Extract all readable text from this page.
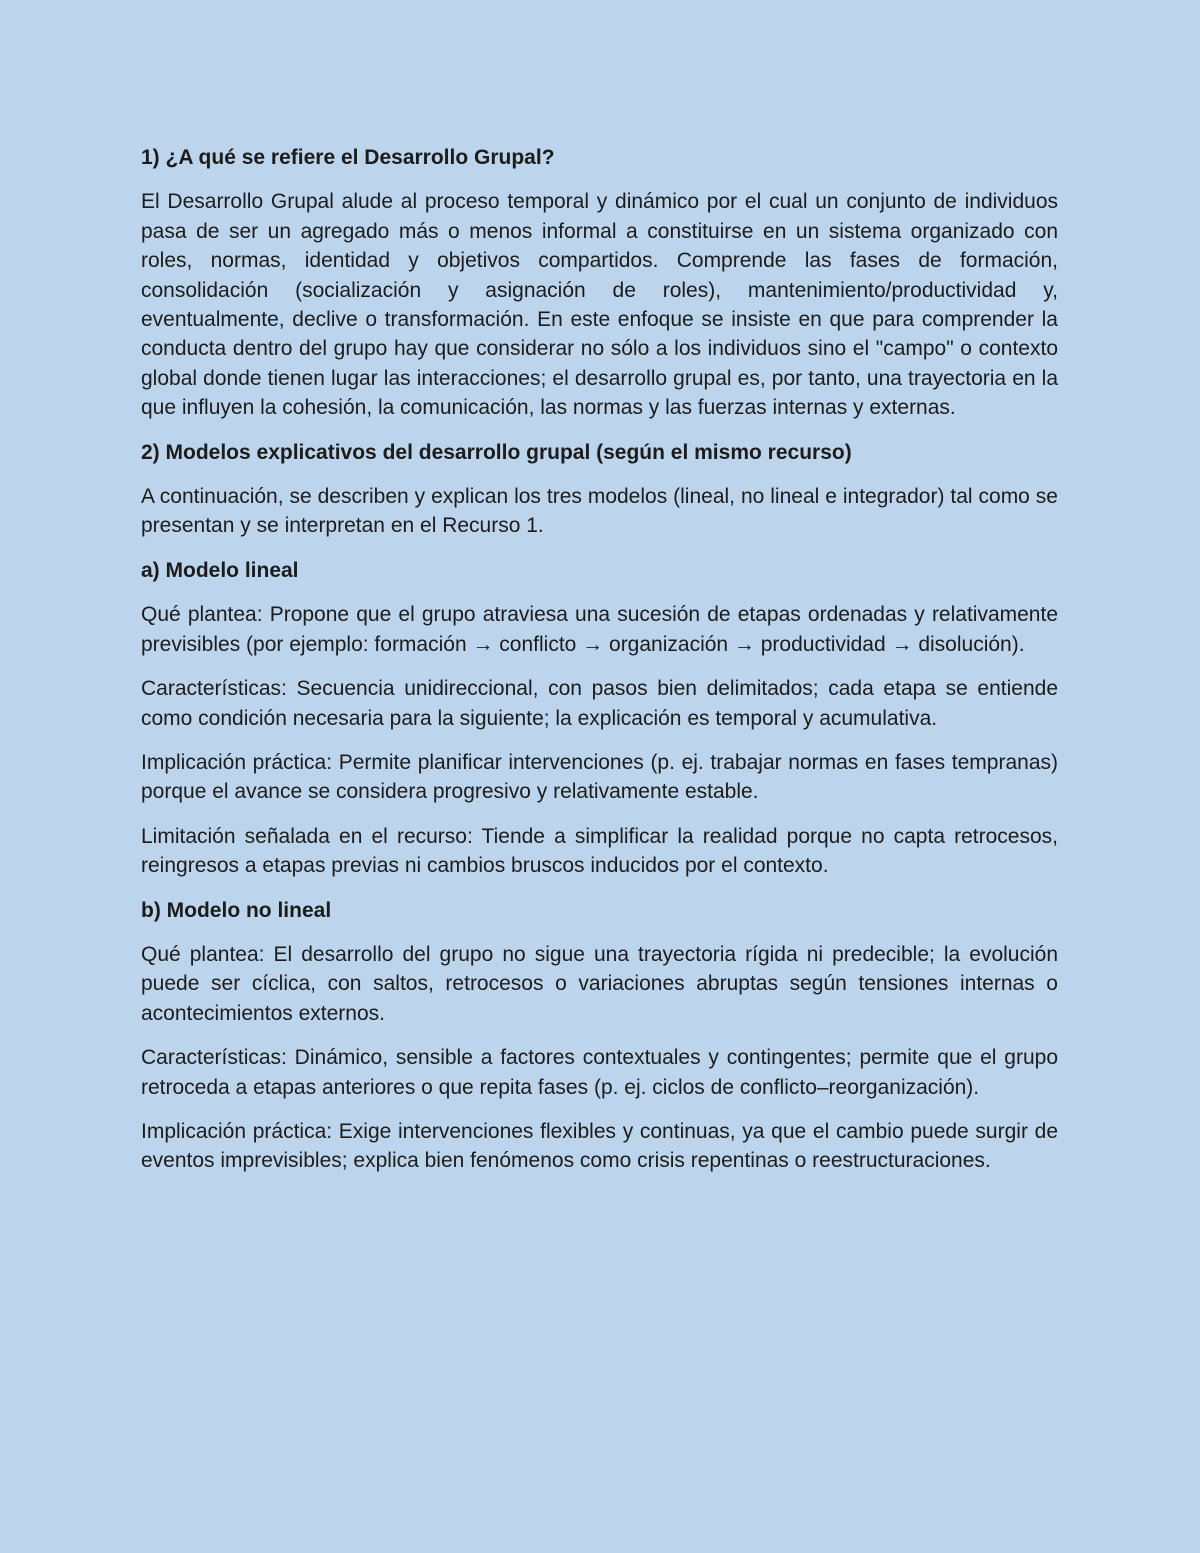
1) ¿A qué se refiere el Desarrollo Grupal?

El Desarrollo Grupal alude al proceso temporal y dinámico por el cual un conjunto de individuos pasa de ser un agregado más o menos informal a constituirse en un sistema organizado con roles, normas, identidad y objetivos compartidos. Comprende las fases de formación, consolidación (socialización y asignación de roles), mantenimiento/productividad y, eventualmente, declive o transformación. En este enfoque se insiste en que para comprender la conducta dentro del grupo hay que considerar no sólo a los individuos sino el "campo" o contexto global donde tienen lugar las interacciones; el desarrollo grupal es, por tanto, una trayectoria en la que influyen la cohesión, la comunicación, las normas y las fuerzas internas y externas.

2) Modelos explicativos del desarrollo grupal (según el mismo recurso)

A continuación, se describen y explican los tres modelos (lineal, no lineal e integrador) tal como se presentan y se interpretan en el Recurso 1.

a) Modelo lineal

Qué plantea: Propone que el grupo atraviesa una sucesión de etapas ordenadas y relativamente previsibles (por ejemplo: formación → conflicto → organización → productividad → disolución).

Características: Secuencia unidireccional, con pasos bien delimitados; cada etapa se entiende como condición necesaria para la siguiente; la explicación es temporal y acumulativa.

Implicación práctica: Permite planificar intervenciones (p. ej. trabajar normas en fases tempranas) porque el avance se considera progresivo y relativamente estable.

Limitación señalada en el recurso: Tiende a simplificar la realidad porque no capta retrocesos, reingresos a etapas previas ni cambios bruscos inducidos por el contexto.

b) Modelo no lineal

Qué plantea: El desarrollo del grupo no sigue una trayectoria rígida ni predecible; la evolución puede ser cíclica, con saltos, retrocesos o variaciones abruptas según tensiones internas o acontecimientos externos.

Características: Dinámico, sensible a factores contextuales y contingentes; permite que el grupo retroceda a etapas anteriores o que repita fases (p. ej. ciclos de conflicto–reorganización).

Implicación práctica: Exige intervenciones flexibles y continuas, ya que el cambio puede surgir de eventos imprevisibles; explica bien fenómenos como crisis repentinas o reestructuraciones.
